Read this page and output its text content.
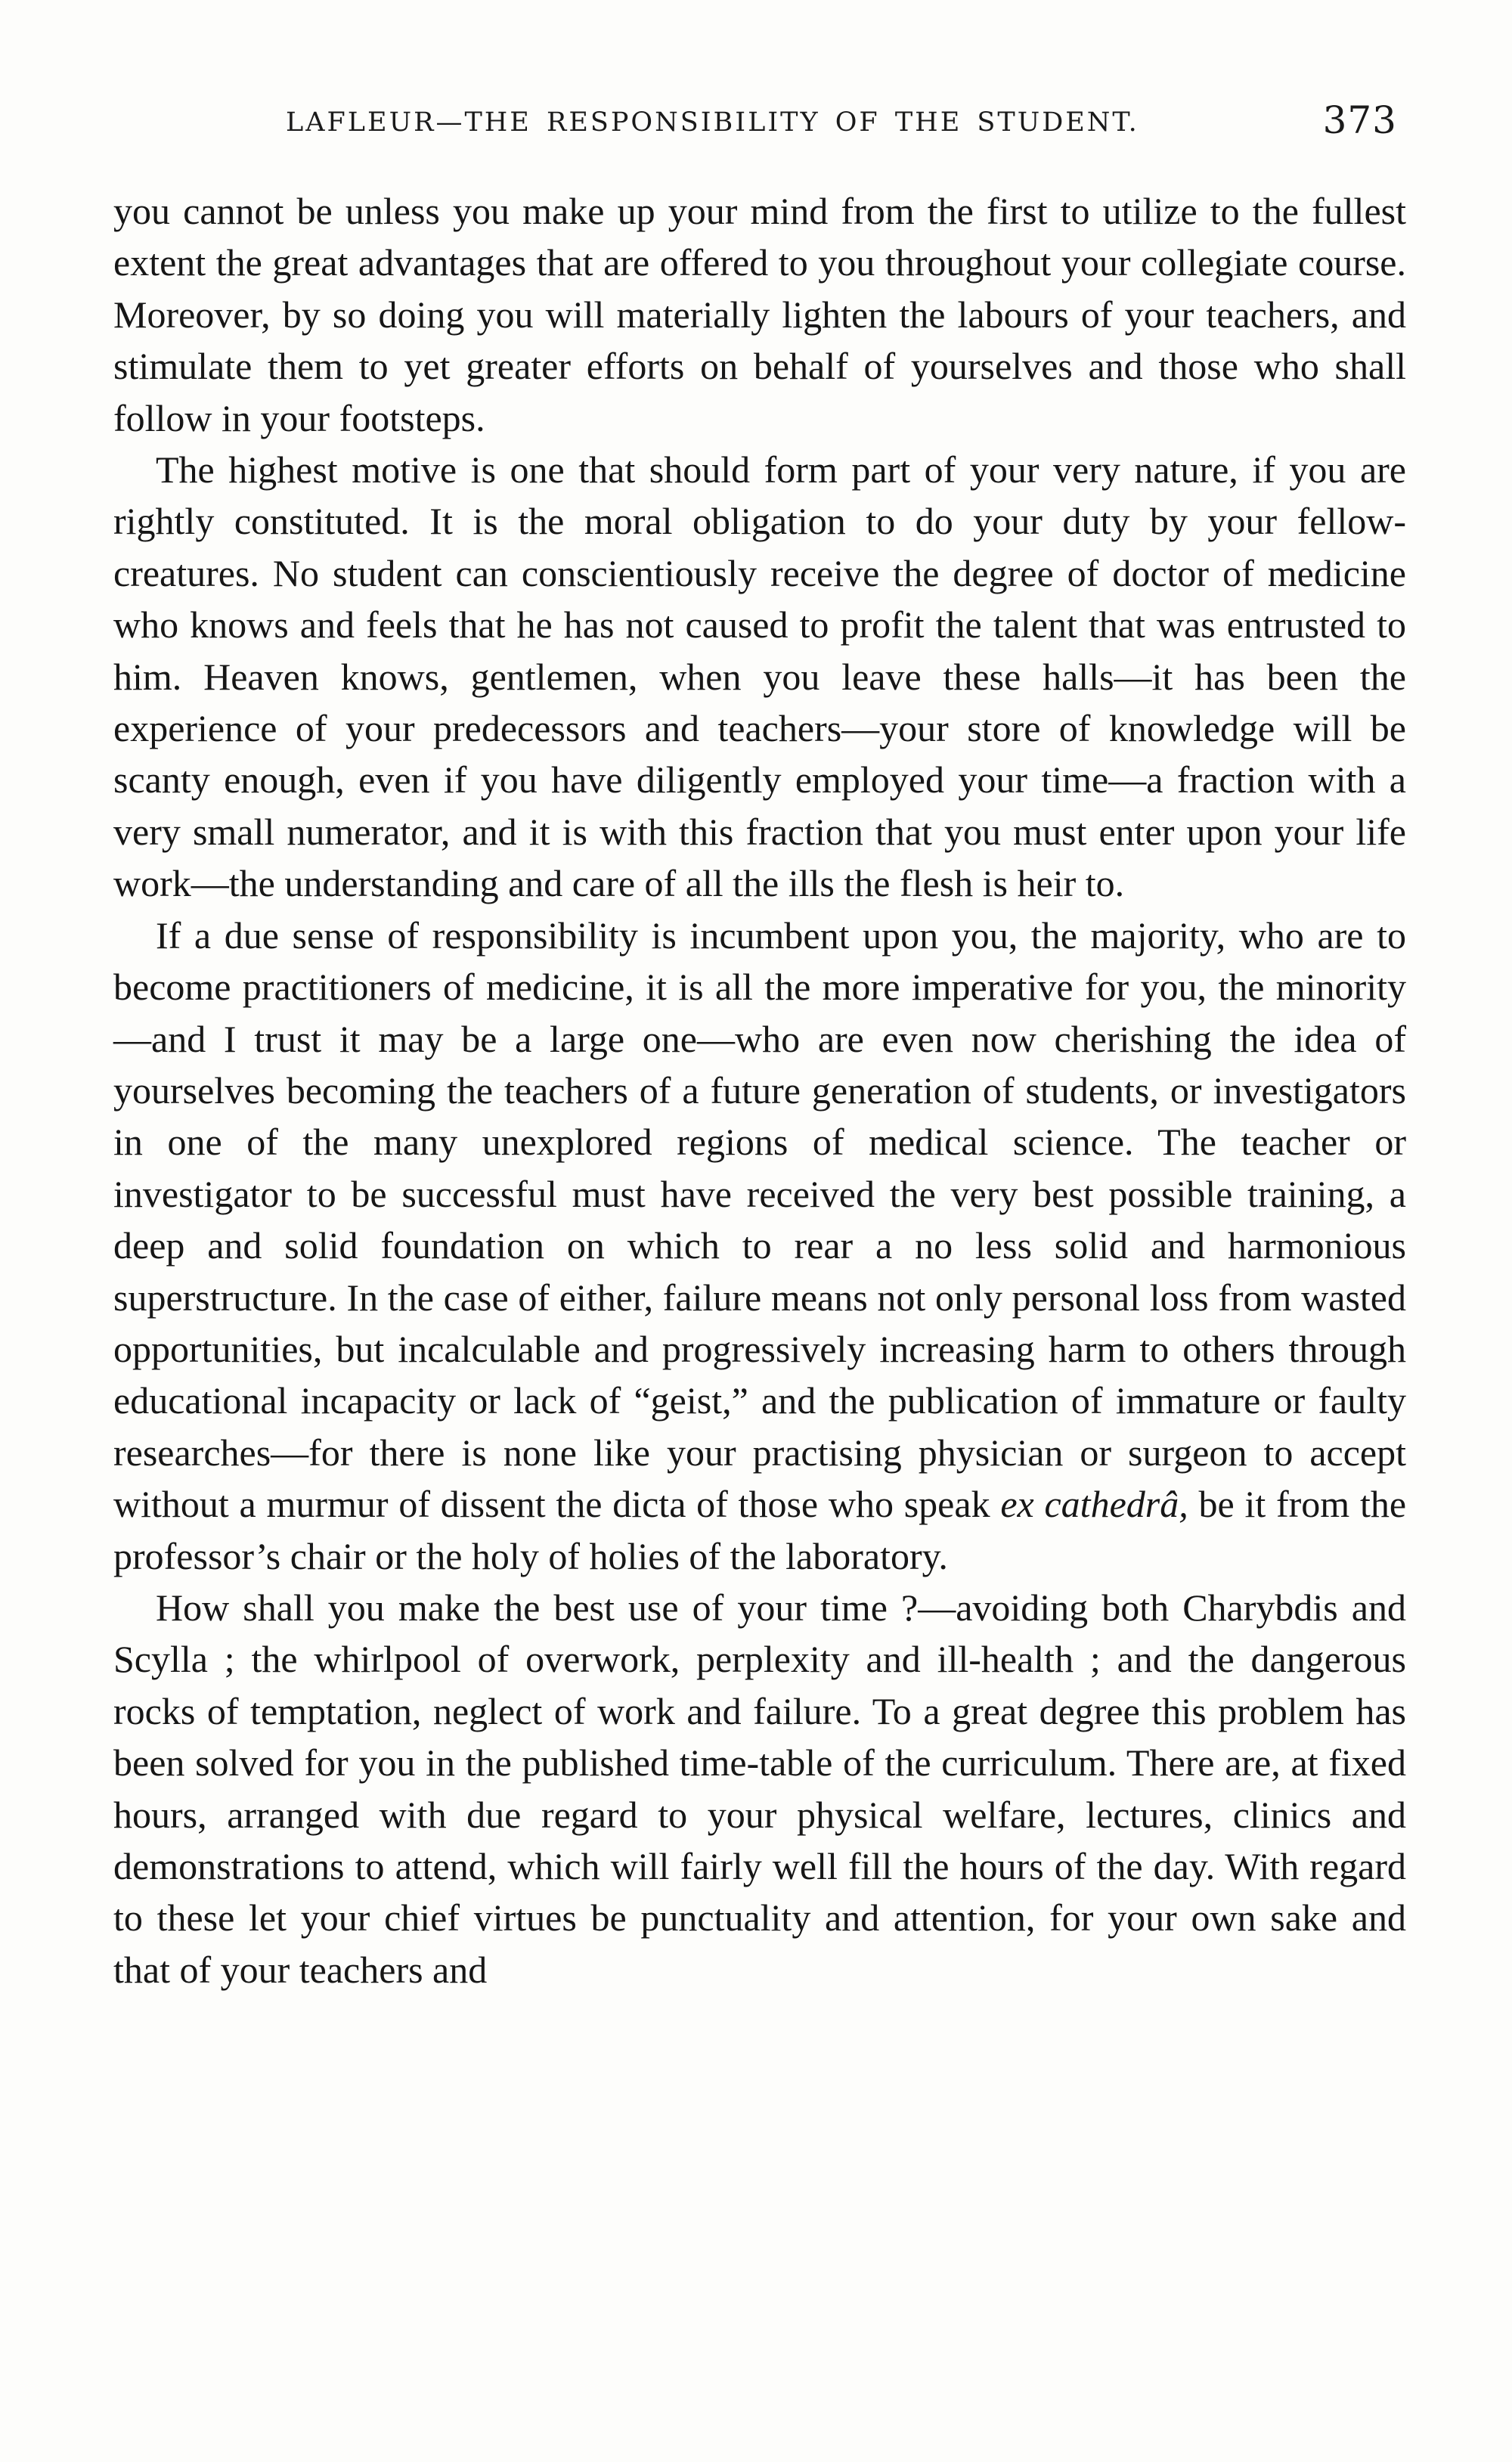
LAFLEUR—THE RESPONSIBILITY OF THE STUDENT.	373

you cannot be unless you make up your mind from the first to utilize to the fullest extent the great advantages that are offered to you throughout your collegiate course. Moreover, by so doing you will materially lighten the labours of your teachers, and stimulate them to yet greater efforts on behalf of yourselves and those who shall follow in your footsteps.

The highest motive is one that should form part of your very nature, if you are rightly constituted. It is the moral obligation to do your duty by your fellow-creatures. No student can conscientiously receive the degree of doctor of medicine who knows and feels that he has not caused to profit the talent that was entrusted to him. Heaven knows, gentlemen, when you leave these halls—it has been the experience of your predecessors and teachers—your store of knowledge will be scanty enough, even if you have diligently employed your time—a fraction with a very small numerator, and it is with this fraction that you must enter upon your life work—the understanding and care of all the ills the flesh is heir to.

If a due sense of responsibility is incumbent upon you, the majority, who are to become practitioners of medicine, it is all the more imperative for you, the minority—and I trust it may be a large one—who are even now cherishing the idea of yourselves becoming the teachers of a future generation of students, or investigators in one of the many unexplored regions of medical science. The teacher or investigator to be successful must have received the very best possible training, a deep and solid foundation on which to rear a no less solid and harmonious superstructure. In the case of either, failure means not only personal loss from wasted opportunities, but incalculable and progressively increasing harm to others through educational incapacity or lack of “geist,” and the publication of immature or faulty researches—for there is none like your practising physician or surgeon to accept without a murmur of dissent the dicta of those who speak ex cathedrâ, be it from the professor’s chair or the holy of holies of the laboratory.

How shall you make the best use of your time ?—avoiding both Charybdis and Scylla ; the whirlpool of overwork, perplexity and ill-health ; and the dangerous rocks of temptation, neglect of work and failure. To a great degree this problem has been solved for you in the published time-table of the curriculum. There are, at fixed hours, arranged with due regard to your physical welfare, lectures, clinics and demonstrations to attend, which will fairly well fill the hours of the day. With regard to these let your chief virtues be punctuality and attention, for your own sake and that of your teachers and
